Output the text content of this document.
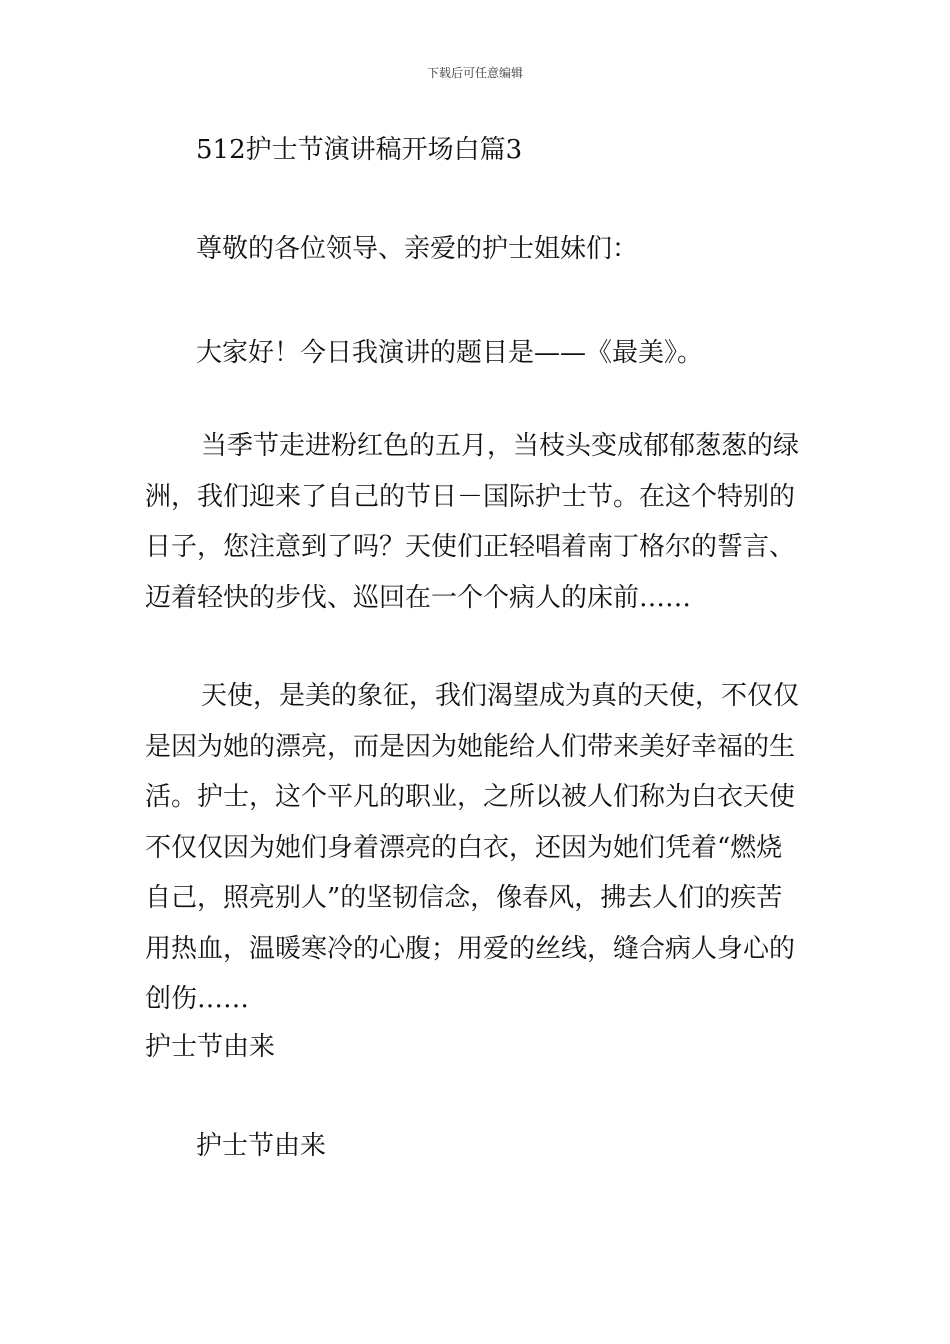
下载后可任意编辑
512护士节演讲稿开场白篇3
尊敬的各位领导、亲爱的护士姐妹们：
大家好！今日我演讲的题目是——《最美》。
　当季节走进粉红色的五月，当枝头变成郁郁葱葱的绿
洲，我们迎来了自己的节日－国际护士节。在这个特别的
日子，您注意到了吗？天使们正轻唱着南丁格尔的誓言、
迈着轻快的步伐、巡回在一个个病人的床前……
　天使，是美的象征，我们渴望成为真的天使，不仅仅
是因为她的漂亮，而是因为她能给人们带来美好幸福的生
活。护士，这个平凡的职业，之所以被人们称为白衣天使
不仅仅因为她们身着漂亮的白衣，还因为她们凭着“燃烧
自己，照亮别人”的坚韧信念，像春风，拂去人们的疾苦
用热血，温暖寒冷的心腹；用爱的丝线，缝合病人身心的
创伤……
护士节由来
护士节由来
